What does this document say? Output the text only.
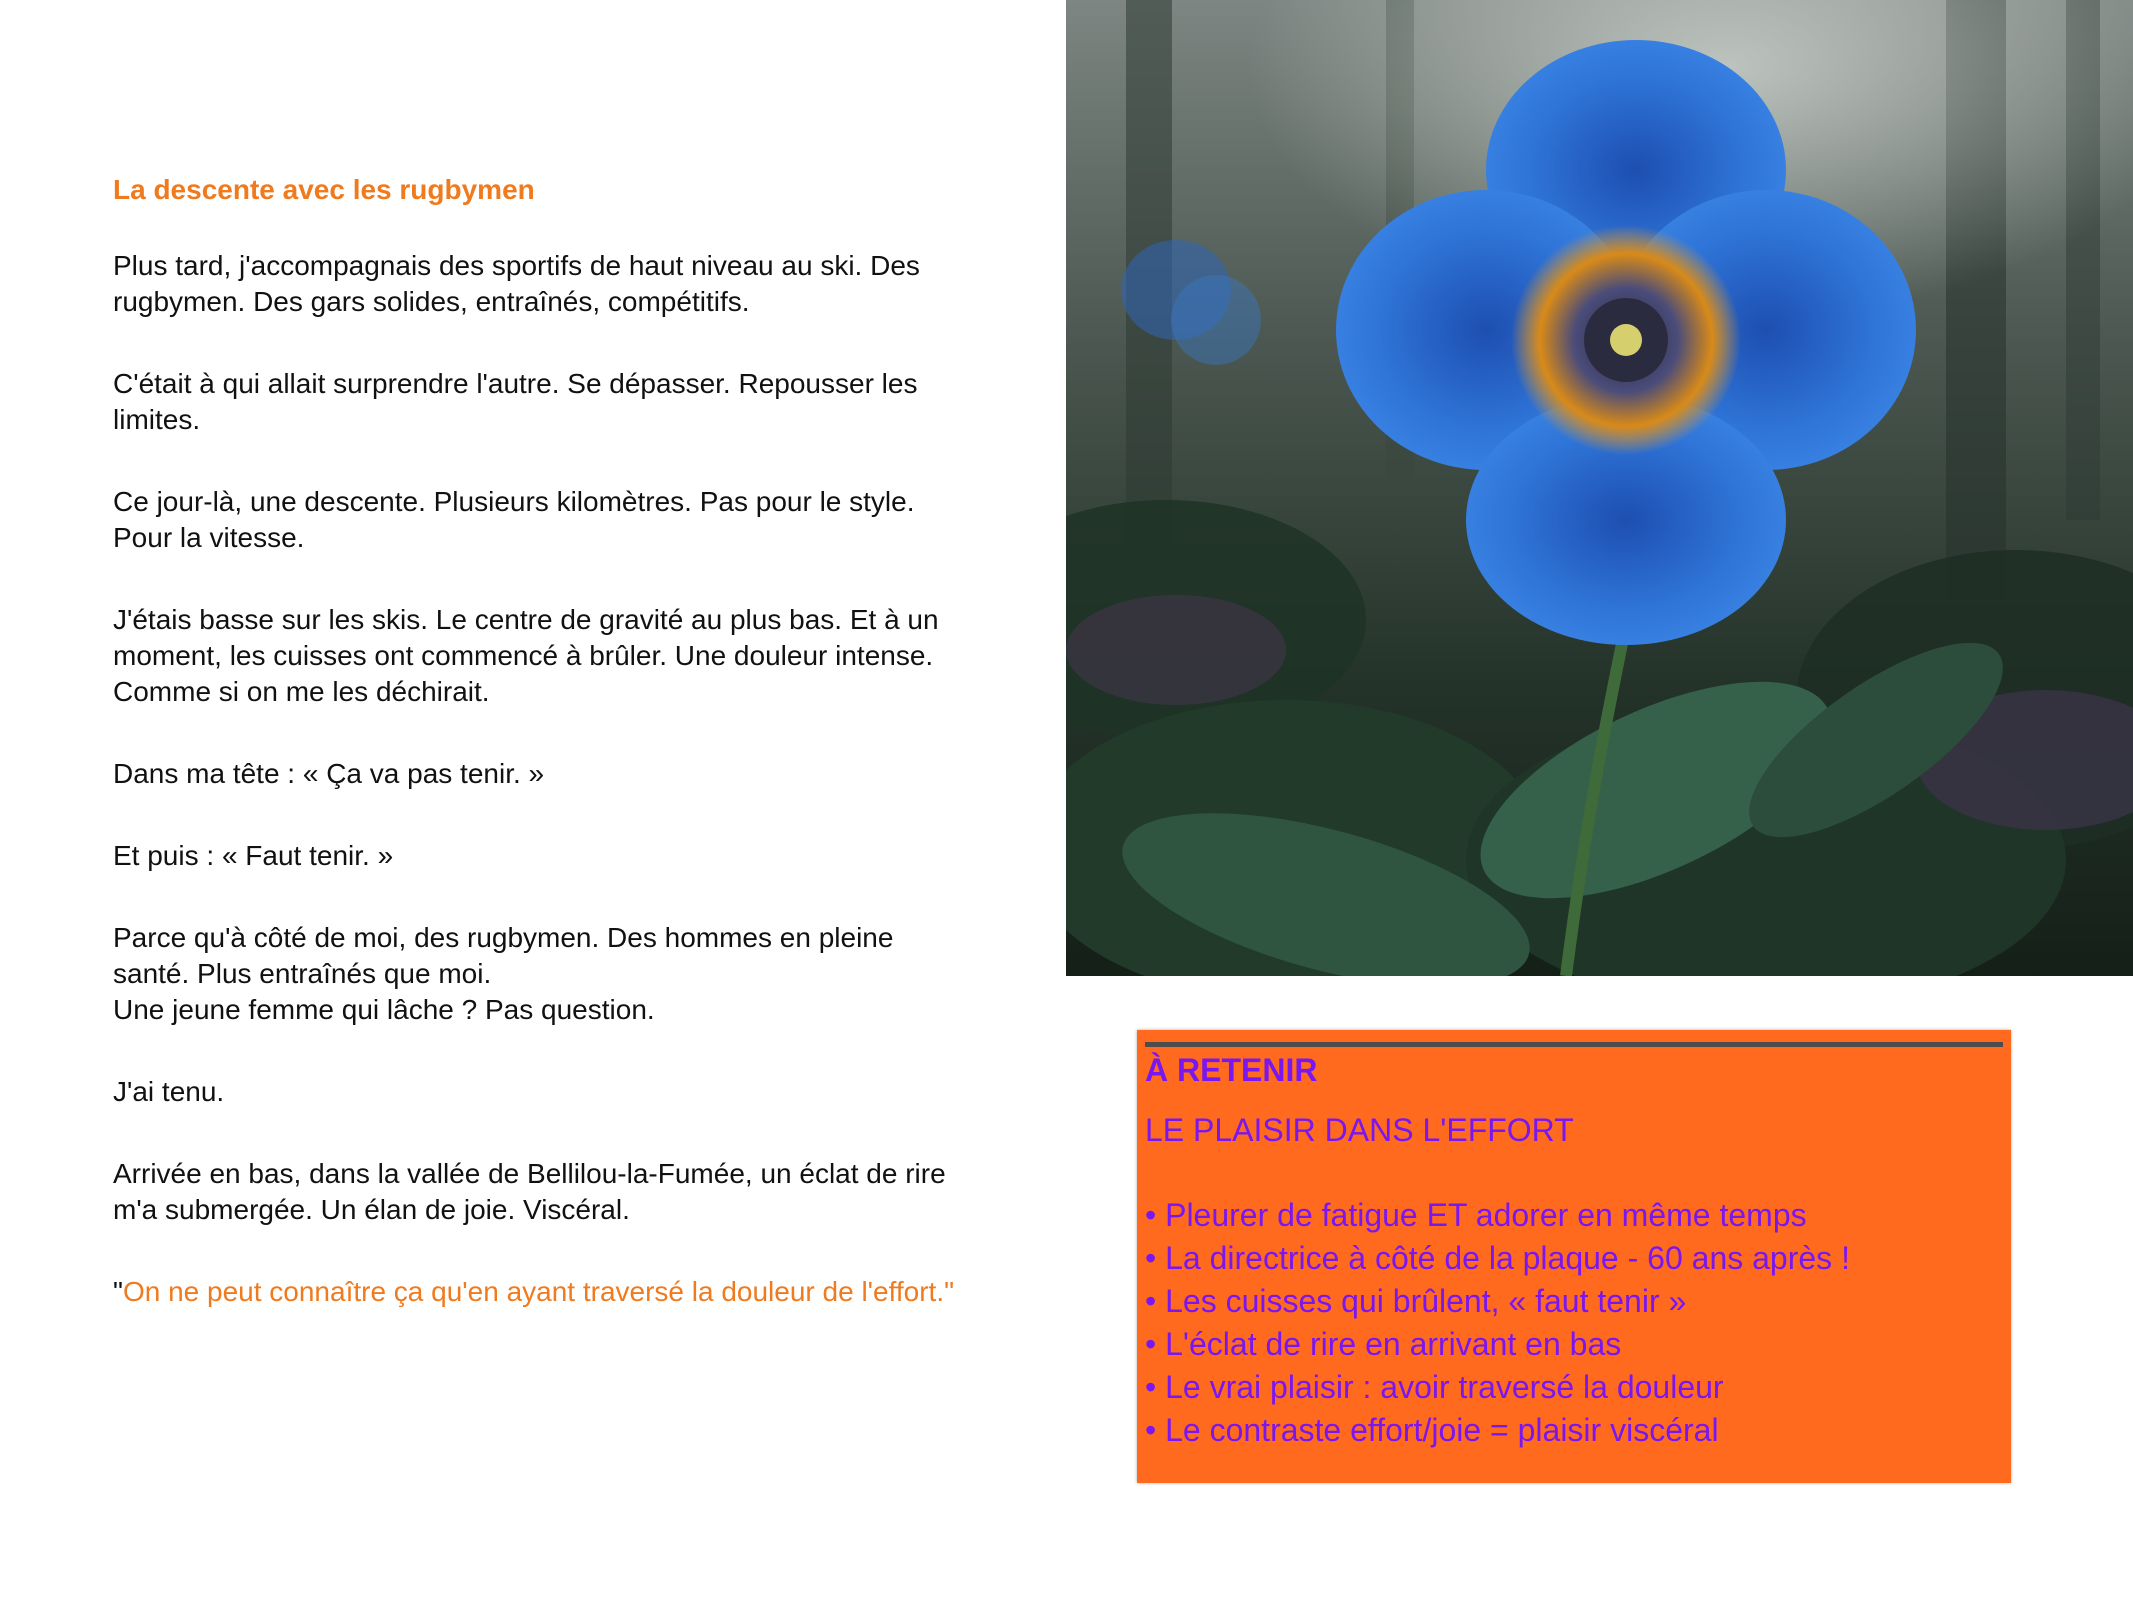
La descente avec les rugbymen

Plus tard, j'accompagnais des sportifs de haut niveau au ski. Des
rugbymen. Des gars solides, entraînés, compétitifs.

C'était à qui allait surprendre l'autre. Se dépasser. Repousser les
limites.

Ce jour-là, une descente. Plusieurs kilomètres. Pas pour le style.
Pour la vitesse.

J'étais basse sur les skis. Le centre de gravité au plus bas. Et à un
moment, les cuisses ont commencé à brûler. Une douleur intense.
Comme si on me les déchirait.

Dans ma tête : « Ça va pas tenir. »

Et puis : « Faut tenir. »

Parce qu'à côté de moi, des rugbymen. Des hommes en pleine
santé. Plus entraînés que moi.
Une jeune femme qui lâche ? Pas question.

J'ai tenu.

Arrivée en bas, dans la vallée de Bellilou-la-Fumée, un éclat de rire
m'a submergée. Un élan de joie. Viscéral.

"On ne peut connaître ça qu'en ayant traversé la douleur de l'effort."

À RETENIR
LE PLAISIR DANS L'EFFORT
• Pleurer de fatigue ET adorer en même temps
• La directrice à côté de la plaque - 60 ans après !
• Les cuisses qui brûlent, « faut tenir »
• L'éclat de rire en arrivant en bas
• Le vrai plaisir : avoir traversé la douleur
• Le contraste effort/joie = plaisir viscéral
